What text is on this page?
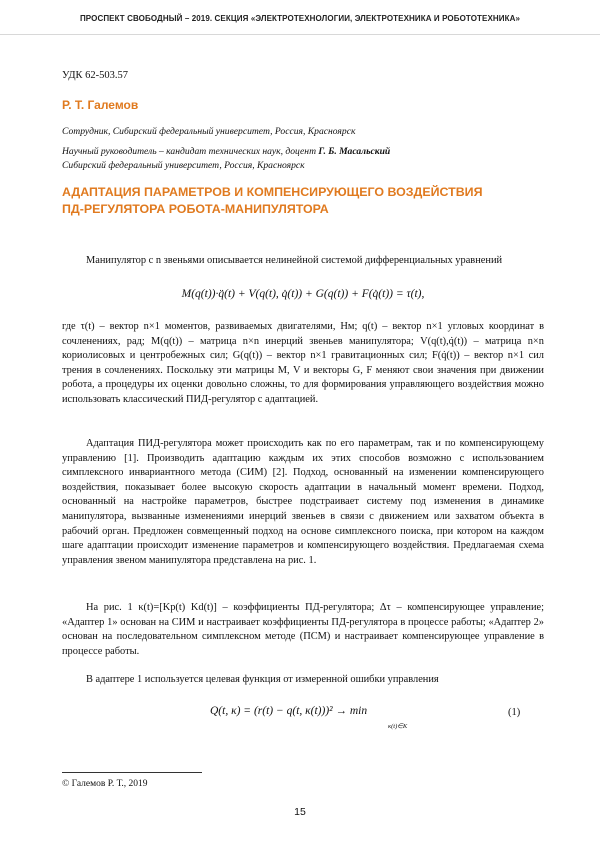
ПРОСПЕКТ СВОБОДНЫЙ – 2019. СЕКЦИЯ «ЭЛЕКТРОТЕХНОЛОГИИ, ЭЛЕКТРОТЕХНИКА И РОБОТОТЕХНИКА»
УДК 62-503.57
Р. Т. Галемов
Сотрудник, Сибирский федеральный университет, Россия, Красноярск
Научный руководитель – кандидат технических наук, доцент Г. Б. Масальский
Сибирский федеральный университет, Россия, Красноярск
АДАПТАЦИЯ ПАРАМЕТРОВ И КОМПЕНСИРУЮЩЕГО ВОЗДЕЙСТВИЯ
ПД-РЕГУЛЯТОРА РОБОТА-МАНИПУЛЯТОРА
Манипулятор с n звеньями описывается нелинейной системой дифференциальных уравнений
M(q(t))·q̈(t) + V(q(t), q̇(t)) + G(q(t)) + F(q̇(t)) = τ(t),
где τ(t) – вектор n×1 моментов, развиваемых двигателями, Нм; q(t) – вектор n×1 угловых координат в сочленениях, рад; M(q(t)) – матрица n×n инерций звеньев манипулятора; V(q(t),q̇(t)) – матрица n×n кориолисовых и центробежных сил; G(q(t)) – вектор n×1 гравитационных сил; F(q̇(t)) – вектор n×1 сил трения в сочленениях. Поскольку эти матрицы M, V и векторы G, F меняют свои значения при движении робота, а процедуры их оценки довольно сложны, то для формирования управляющего воздействия можно использовать классический ПИД-регулятор с адаптацией.
Адаптация ПИД-регулятора может происходить как по его параметрам, так и по компенсирующему управлению [1]. Производить адаптацию каждым их этих способов возможно с использованием симплексного инвариантного метода (СИМ) [2]. Подход, основанный на изменении компенсирующего воздействия, показывает более высокую скорость адаптации в начальный момент времени. Подход, основанный на настройке параметров, быстрее подстраивает систему под изменения в динамике манипулятора, вызванные изменениями инерций звеньев в связи с движением или захватом объекта в рабочий орган. Предложен совмещенный подход на основе симплексного поиска, при котором на каждом шаге адаптации происходит изменение параметров и компенсирующего воздействия. Предлагаемая схема управления звеном манипулятора представлена на рис. 1.
На рис. 1 κ(t)=[Kp(t) Kd(t)] – коэффициенты ПД-регулятора; Δτ – компенсирующее управление; «Адаптер 1» основан на СИМ и настраивает коэффициенты ПД-регулятора в процессе работы; «Адаптер 2» основан на последовательном симплексном методе (ПСМ) и настраивает компенсирующее управление в процессе работы.
В адаптере 1 используется целевая функция от измеренной ошибки управления
Q(t, κ) = (r(t) − q(t, κ(t)))² → min
κ(t)∈K
(1)
© Галемов Р. Т., 2019
15
